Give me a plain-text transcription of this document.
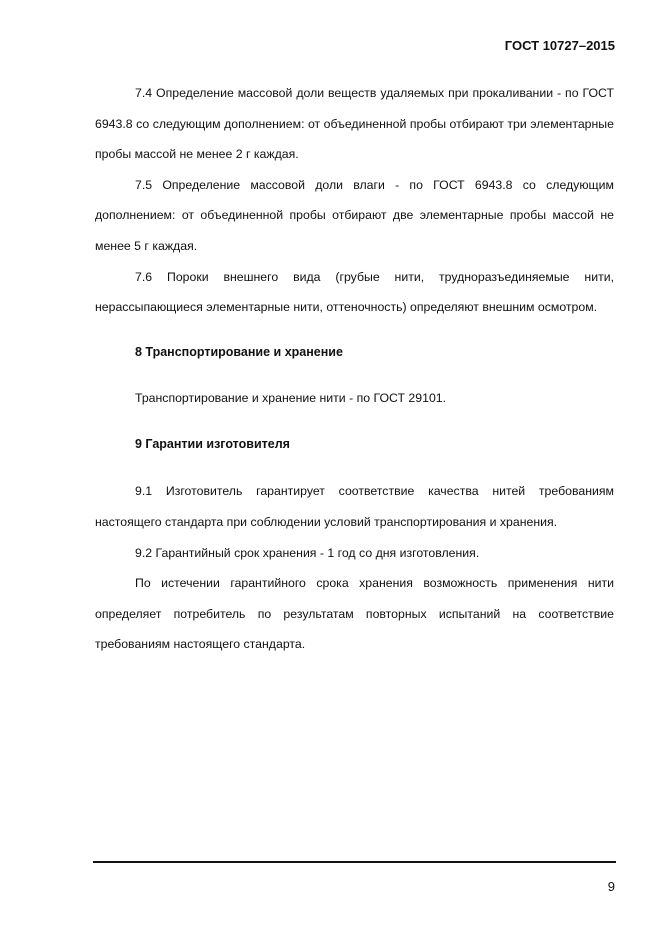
ГОСТ 10727–2015

7.4 Определение массовой доли веществ удаляемых при прокаливании - по ГОСТ 6943.8 со следующим дополнением: от объединенной пробы отбирают три элементарные пробы массой не менее 2 г каждая.

7.5 Определение массовой доли влаги - по ГОСТ 6943.8 со следующим дополнением: от объединенной пробы отбирают две элементарные пробы массой не менее 5 г каждая.

7.6 Пороки внешнего вида (грубые нити, трудноразъединяемые нити, нерассыпающиеся элементарные нити, оттеночность) определяют внешним осмотром.

8 Транспортирование и хранение

Транспортирование и хранение нити - по ГОСТ 29101.

9 Гарантии изготовителя

9.1 Изготовитель гарантирует соответствие качества нитей требованиям настоящего стандарта при соблюдении условий транспортирования и хранения.

9.2 Гарантийный срок хранения - 1 год со дня изготовления.

По истечении гарантийного срока хранения возможность применения нити определяет потребитель по результатам повторных испытаний на соответствие требованиям настоящего стандарта.

9
